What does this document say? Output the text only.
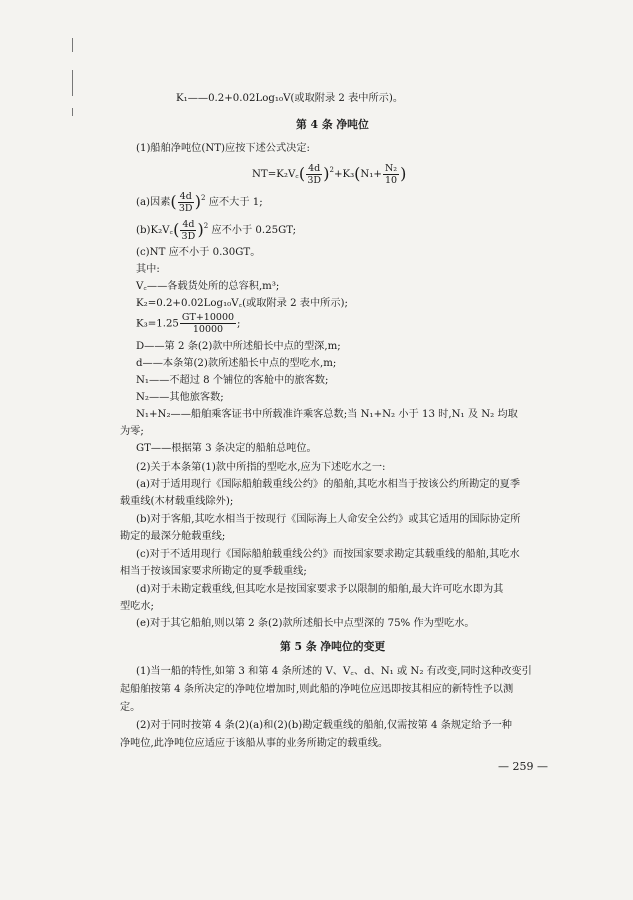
K₁——0.2+0.02Log₁₀V(或取附录 2 表中所示)。
第 4 条 净吨位
(1)船舶净吨位(NT)应按下述公式决定:
NT=K₂V꜀( $\frac{4d}{3D} )^2+K_3(N_1+ \frac{\text{N₂}}{10}$ )
(a)因素( $\frac{4d}{3D} )^2$ 应不大于 1;
(b)K₂V꜀( $\frac{4d}{3D} )^2$ 应不小于 0.25GT;
(c)NT 应不小于 0.30GT。
其中:
V꜀——各载货处所的总容积,m³;
K₂=0.2+0.02Log₁₀V꜀(或取附录 2 表中所示);
$K_3=1.25 \frac{GT+10000}{10000}$ ;
D——第 2 条(2)款中所述船长中点的型深,m;
d——本条第(2)款所述船长中点的型吃水,m;
N₁——不超过 8 个铺位的客舱中的旅客数;
N₂——其他旅客数;
N₁+N₂——船舶乘客证书中所载准许乘客总数;当 N₁+N₂ 小于 13 时,N₁ 及 N₂ 均取
为零;
GT——根据第 3 条决定的船舶总吨位。
(2)关于本条第(1)款中所指的型吃水,应为下述吃水之一:
(a)对于适用现行《国际船舶载重线公约》的船舶,其吃水相当于按该公约所勘定的夏季
载重线(木材载重线除外);
(b)对于客船,其吃水相当于按现行《国际海上人命安全公约》或其它适用的国际协定所
勘定的最深分舱载重线;
(c)对于不适用现行《国际船舶载重线公约》而按国家要求勘定其载重线的船舶,其吃水
相当于按该国家要求所勘定的夏季载重线;
(d)对于未勘定载重线,但其吃水是按国家要求予以限制的船舶,最大许可吃水即为其
型吃水;
(e)对于其它船舶,则以第 2 条(2)款所述船长中点型深的 75% 作为型吃水。
第 5 条 净吨位的变更
(1)当一船的特性,如第 3 和第 4 条所述的 V、V꜀、d、N₁ 或 N₂ 有改变,同时这种改变引
起船舶按第 4 条所决定的净吨位增加时,则此船的净吨位应迅即按其相应的新特性予以测
定。
(2)对于同时按第 4 条(2)(a)和(2)(b)勘定载重线的船舶,仅需按第 4 条规定给予一种
净吨位,此净吨位应适应于该船从事的业务所勘定的载重线。
— 259 —
